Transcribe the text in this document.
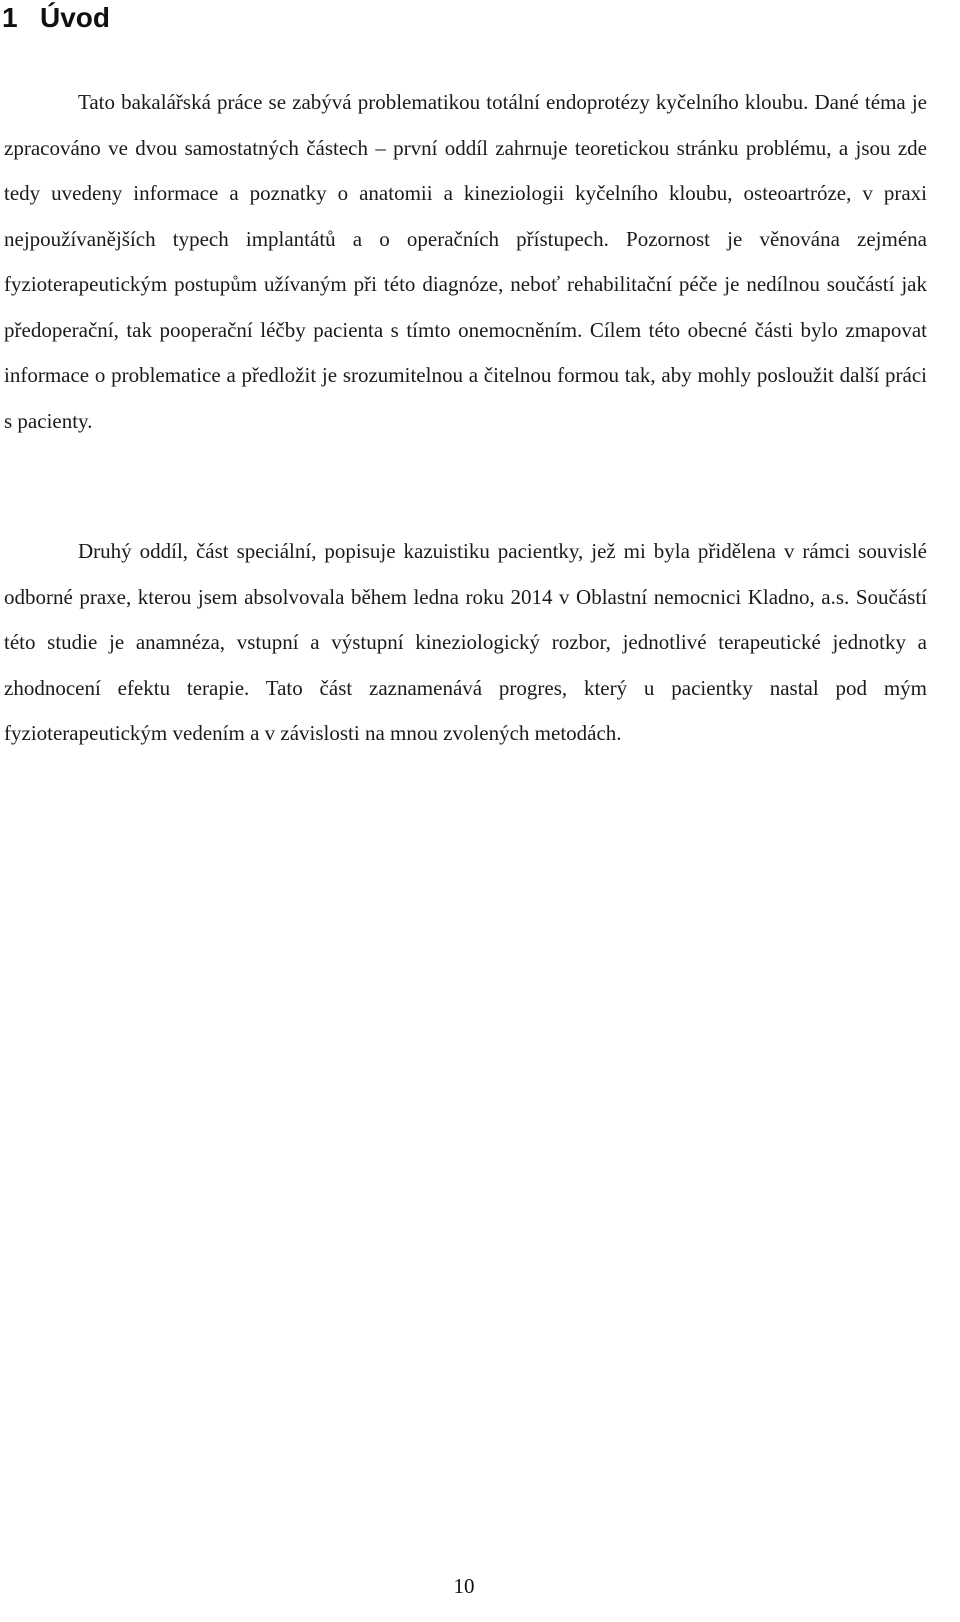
1 Úvod

Tato bakalářská práce se zabývá problematikou totální endoprotézy kyčelního kloubu. Dané téma je zpracováno ve dvou samostatných částech – první oddíl zahrnuje teoretickou stránku problému, a jsou zde tedy uvedeny informace a poznatky o anatomii a kineziologii kyčelního kloubu, osteoartróze, v praxi nejpoužívanějších typech implantátů a o operačních přístupech. Pozornost je věnována zejména fyzioterapeutickým postupům užívaným při této diagnóze, neboť rehabilitační péče je nedílnou součástí jak předoperační, tak pooperační léčby pacienta s tímto onemocněním. Cílem této obecné části bylo zmapovat informace o problematice a předložit je srozumitelnou a čitelnou formou tak, aby mohly posloužit další práci s pacienty.

Druhý oddíl, část speciální, popisuje kazuistiku pacientky, jež mi byla přidělena v rámci souvislé odborné praxe, kterou jsem absolvovala během ledna roku 2014 v Oblastní nemocnici Kladno, a.s. Součástí této studie je anamnéza, vstupní a výstupní kineziologický rozbor, jednotlivé terapeutické jednotky a zhodnocení efektu terapie. Tato část zaznamenává progres, který u pacientky nastal pod mým fyzioterapeutickým vedením a v závislosti na mnou zvolených metodách.

10
